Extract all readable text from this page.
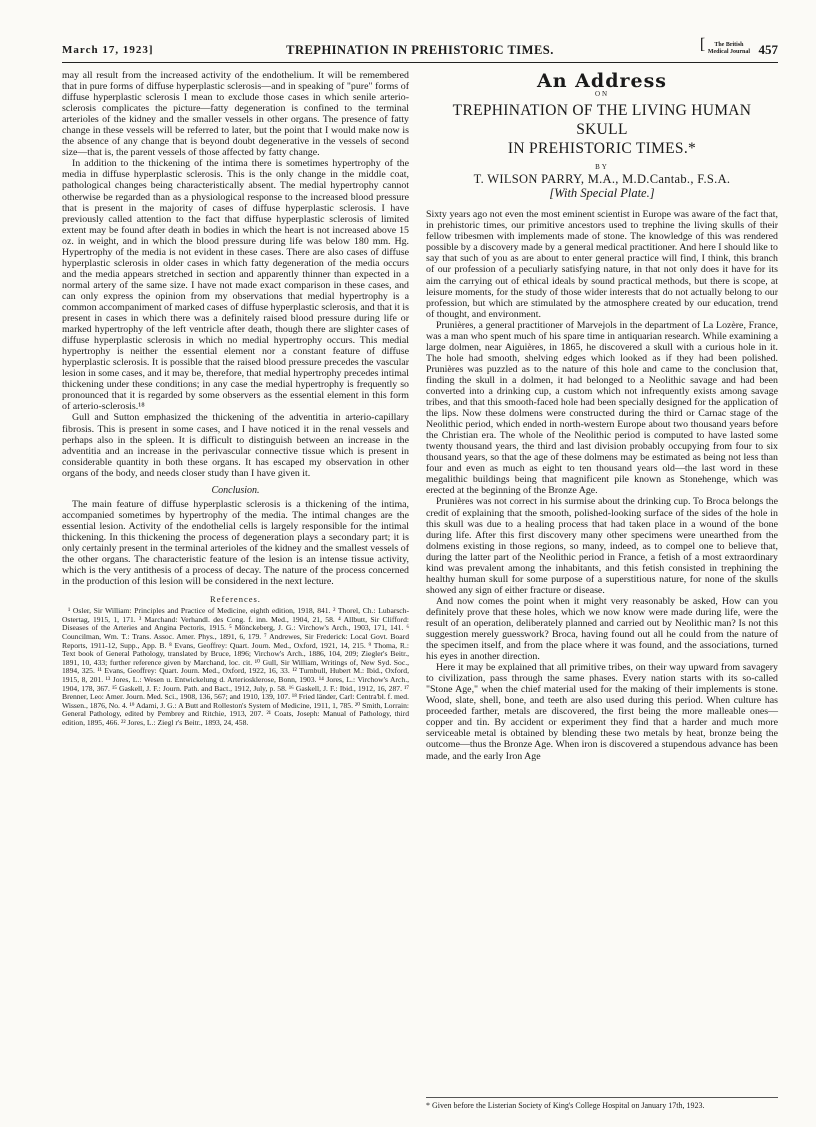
March 17, 1923]	TREPHINATION IN PREHISTORIC TIMES.	[ The British
Medical Journal 457

may all result from the increased activity of the endothelium. It will be remembered that in pure forms of diffuse hyperplastic sclerosis—and in speaking of "pure" forms of diffuse hyperplastic sclerosis I mean to exclude those cases in which senile arterio-sclerosis complicates the picture—fatty degeneration is confined to the terminal arterioles of the kidney and the smaller vessels in other organs. The presence of fatty change in these vessels will be referred to later, but the point that I would make now is the absence of any change that is beyond doubt degenerative in the vessels of second size—that is, the parent vessels of those affected by fatty change.

In addition to the thickening of the intima there is sometimes hypertrophy of the media in diffuse hyperplastic sclerosis. This is the only change in the middle coat, pathological changes being characteristically absent. The medial hypertrophy cannot otherwise be regarded than as a physiological response to the increased blood pressure that is present in the majority of cases of diffuse hyperplastic sclerosis. I have previously called attention to the fact that diffuse hyperplastic sclerosis of limited extent may be found after death in bodies in which the heart is not increased above 15 oz. in weight, and in which the blood pressure during life was below 180 mm. Hg. Hypertrophy of the media is not evident in these cases. There are also cases of diffuse hyperplastic sclerosis in older cases in which fatty degeneration of the media occurs and the media appears stretched in section and apparently thinner than expected in a normal artery of the same size. I have not made exact comparison in these cases, and can only express the opinion from my observations that medial hypertrophy is a common accompaniment of marked cases of diffuse hyperplastic sclerosis, and that it is present in cases in which there was a definitely raised blood pressure during life or marked hypertrophy of the left ventricle after death, though there are slighter cases of diffuse hyperplastic sclerosis in which no medial hypertrophy occurs. This medial hypertrophy is neither the essential element nor a constant feature of diffuse hyperplastic sclerosis. It is possible that the raised blood pressure precedes the vascular lesion in some cases, and it may be, therefore, that medial hypertrophy precedes intimal thickening under these conditions; in any case the medial hypertrophy is frequently so pronounced that it is regarded by some observers as the essential element in this form of arterio-sclerosis.¹⁸

Gull and Sutton emphasized the thickening of the adventitia in arterio-capillary fibrosis. This is present in some cases, and I have noticed it in the renal vessels and perhaps also in the spleen. It is difficult to distinguish between an increase in the adventitia and an increase in the perivascular connective tissue which is present in considerable quantity in both these organs. It has escaped my observation in other organs of the body, and needs closer study than I have given it.

Conclusion.

The main feature of diffuse hyperplastic sclerosis is a thickening of the intima, accompanied sometimes by hypertrophy of the media. The intimal changes are the essential lesion. Activity of the endothelial cells is largely responsible for the intimal thickening. In this thickening the process of degeneration plays a secondary part; it is only certainly present in the terminal arterioles of the kidney and the smallest vessels of the other organs. The characteristic feature of the lesion is an intense tissue activity, which is the very antithesis of a process of decay. The nature of the process concerned in the production of this lesion will be considered in the next lecture.

References.
¹ Osler, Sir William: Principles and Practice of Medicine, eighth edition, 1918, 841. ² Thorel, Ch.: Lubarsch-Ostertag, 1915, 1, 171. ³ Marchand: Verhandl. des Cong. f. inn. Med., 1904, 21, 58. ⁴ Allbutt, Sir Clifford: Diseases of the Arteries and Angina Pectoris, 1915. ⁵ Mönckeberg, J. G.: Virchow's Arch., 1903, 171, 141. ⁶ Councilman, Wm. T.: Trans. Assoc. Amer. Phys., 1891, 6, 179. ⁷ Andrewes, Sir Frederick: Local Govt. Board Reports, 1911-12, Supp., App. B. ⁸ Evans, Geoffrey: Quart. Journ. Med., Oxford, 1921, 14, 215. ⁹ Thoma, R.: Text book of General Pathology, translated by Bruce, 1896; Virchow's Arch., 1886, 104, 209; Ziegler's Beitr., 1891, 10, 433; further reference given by Marchand, loc. cit. ¹⁰ Gull, Sir William, Writings of, New Syd. Soc., 1894, 325. ¹¹ Evans, Geoffrey: Quart. Journ. Med., Oxford, 1922, 16, 33. ¹² Turnbull, Hubert M.: Ibid., Oxford, 1915, 8, 201. ¹³ Jores, L.: Wesen u. Entwickelung d. Arteriosklerose, Bonn, 1903. ¹⁴ Jores, L.: Virchow's Arch., 1904, 178, 367. ¹⁵ Gaskell, J. F.: Journ. Path. and Bact., 1912, July, p. 58. ¹⁶ Gaskell, J. F.: Ibid., 1912, 16, 287. ¹⁷ Brenner, Leo: Amer. Journ. Med. Sci., 1908, 136, 567; and 1910, 139, 107. ¹⁸ Fried länder, Carl: Centra'bl. f. med. Wissen., 1876, No. 4. ¹⁹ Adami, J. G.: A Butt and Rolleston's System of Medicine, 1911, 1, 785. ²⁰ Smith, Lorrain: General Pathology, edited by Pembrey and Ritchie, 1913, 207. ²¹ Coats, Joseph: Manual of Pathology, third edition, 1895, 466. ²² Jores, L.: Ziegl r's Beitr., 1893, 24, 458.
An Address
ON
TREPHINATION OF THE LIVING HUMAN SKULL
IN PREHISTORIC TIMES.*
BY
T. WILSON PARRY, M.A., M.D.Cantab., F.S.A.
[With Special Plate.]

Sixty years ago not even the most eminent scientist in Europe was aware of the fact that, in prehistoric times, our primitive ancestors used to trephine the living skulls of their fellow tribesmen with implements made of stone. The knowledge of this was rendered possible by a discovery made by a general medical practitioner. And here I should like to say that such of you as are about to enter general practice will find, I think, this branch of our profession of a peculiarly satisfying nature, in that not only does it have for its aim the carrying out of ethical ideals by sound practical methods, but there is scope, at leisure moments, for the study of those wider interests that do not actually belong to our profession, but which are stimulated by the atmosphere created by our education, trend of thought, and environment.

Prunières, a general practitioner of Marvejols in the department of La Lozère, France, was a man who spent much of his spare time in antiquarian research. While examining a large dolmen, near Aiguières, in 1865, he discovered a skull with a curious hole in it. The hole had smooth, shelving edges which looked as if they had been polished. Prunières was puzzled as to the nature of this hole and came to the conclusion that, finding the skull in a dolmen, it had belonged to a Neolithic savage and had been converted into a drinking cup, a custom which not infrequently exists among savage tribes, and that this smooth-faced hole had been specially designed for the application of the lips. Now these dolmens were constructed during the third or Carnac stage of the Neolithic period, which ended in north-western Europe about two thousand years before the Christian era. The whole of the Neolithic period is computed to have lasted some twenty thousand years, the third and last division probably occupying from four to six thousand years, so that the age of these dolmens may be estimated as being not less than four and even as much as eight to ten thousand years old—the last word in these megalithic buildings being that magnificent pile known as Stonehenge, which was erected at the beginning of the Bronze Age.

Prunières was not correct in his surmise about the drinking cup. To Broca belongs the credit of explaining that the smooth, polished-looking surface of the sides of the hole in this skull was due to a healing process that had taken place in a wound of the bone during life. After this first discovery many other specimens were unearthed from the dolmens existing in those regions, so many, indeed, as to compel one to believe that, during the latter part of the Neolithic period in France, a fetish of a most extraordinary kind was prevalent among the inhabitants, and this fetish consisted in trephining the healthy human skull for some purpose of a superstitious nature, for none of the skulls showed any sign of either fracture or disease.

And now comes the point when it might very reasonably be asked, How can you definitely prove that these holes, which we now know were made during life, were the result of an operation, deliberately planned and carried out by Neolithic man? Is not this suggestion merely guesswork? Broca, having found out all he could from the nature of the specimen itself, and from the place where it was found, and the associations, turned his eyes in another direction.

Here it may be explained that all primitive tribes, on their way upward from savagery to civilization, pass through the same phases. Every nation starts with its so-called "Stone Age," when the chief material used for the making of their implements is stone. Wood, slate, shell, bone, and teeth are also used during this period. When culture has proceeded farther, metals are discovered, the first being the more malleable ones—copper and tin. By accident or experiment they find that a harder and much more serviceable metal is obtained by blending these two metals by heat, bronze being the outcome—thus the Bronze Age. When iron is discovered a stupendous advance has been made, and the early Iron Age

* Given before the Listerian Society of King's College Hospital on January 17th, 1923.
